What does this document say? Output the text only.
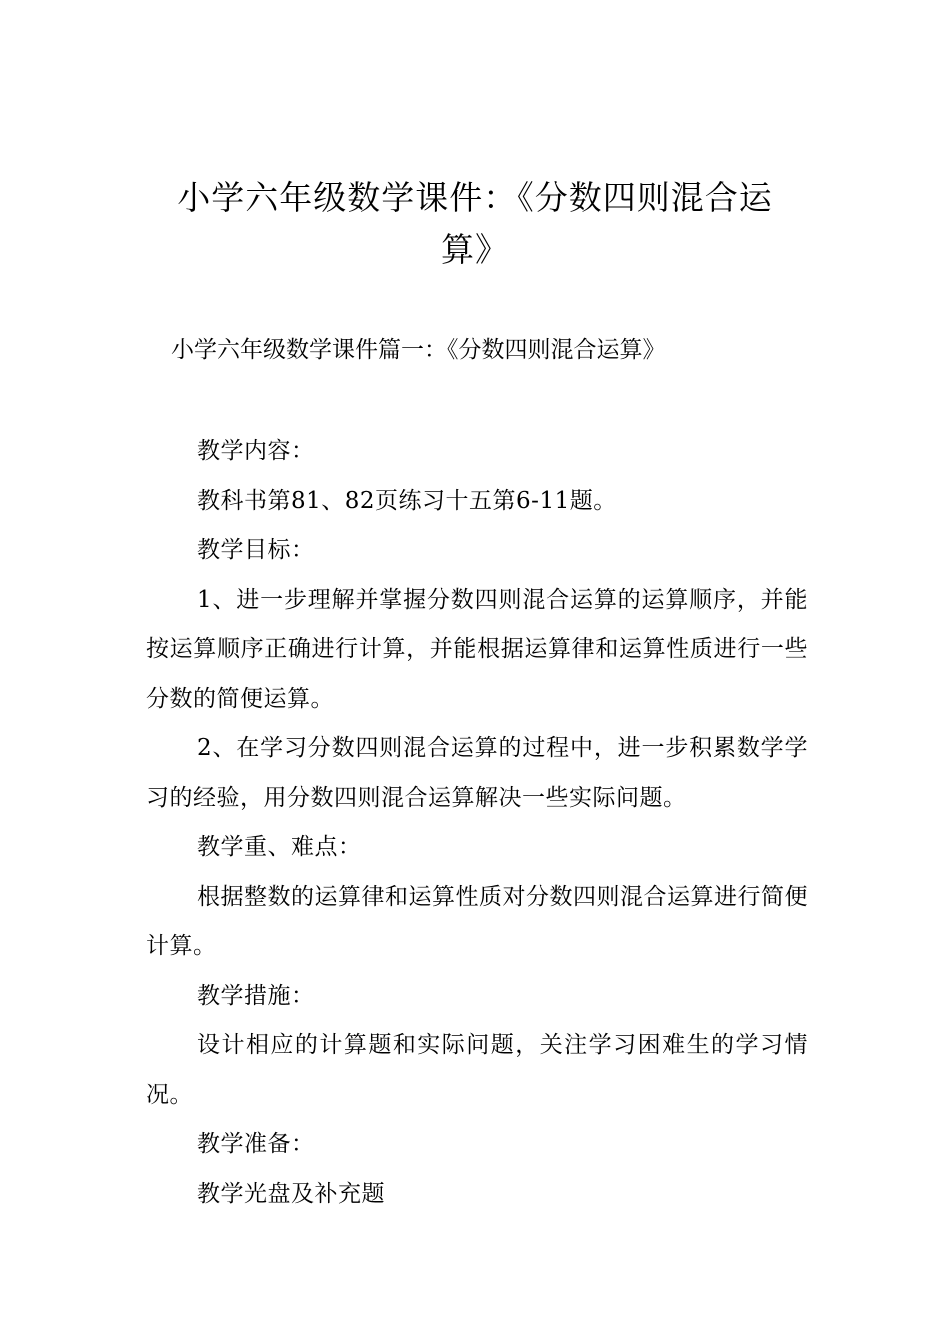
小学六年级数学课件：《分数四则混合运
算》

小学六年级数学课件篇一：《分数四则混合运算》

教学内容：

教科书第81、82页练习十五第6-11题。

教学目标：

1、进一步理解并掌握分数四则混合运算的运算顺序，并能按运算顺序正确进行计算，并能根据运算律和运算性质进行一些分数的简便运算。

2、在学习分数四则混合运算的过程中，进一步积累数学学习的经验，用分数四则混合运算解决一些实际问题。

教学重、难点：

根据整数的运算律和运算性质对分数四则混合运算进行简便计算。

教学措施：

设计相应的计算题和实际问题，关注学习困难生的学习情况。

教学准备：

教学光盘及补充题
